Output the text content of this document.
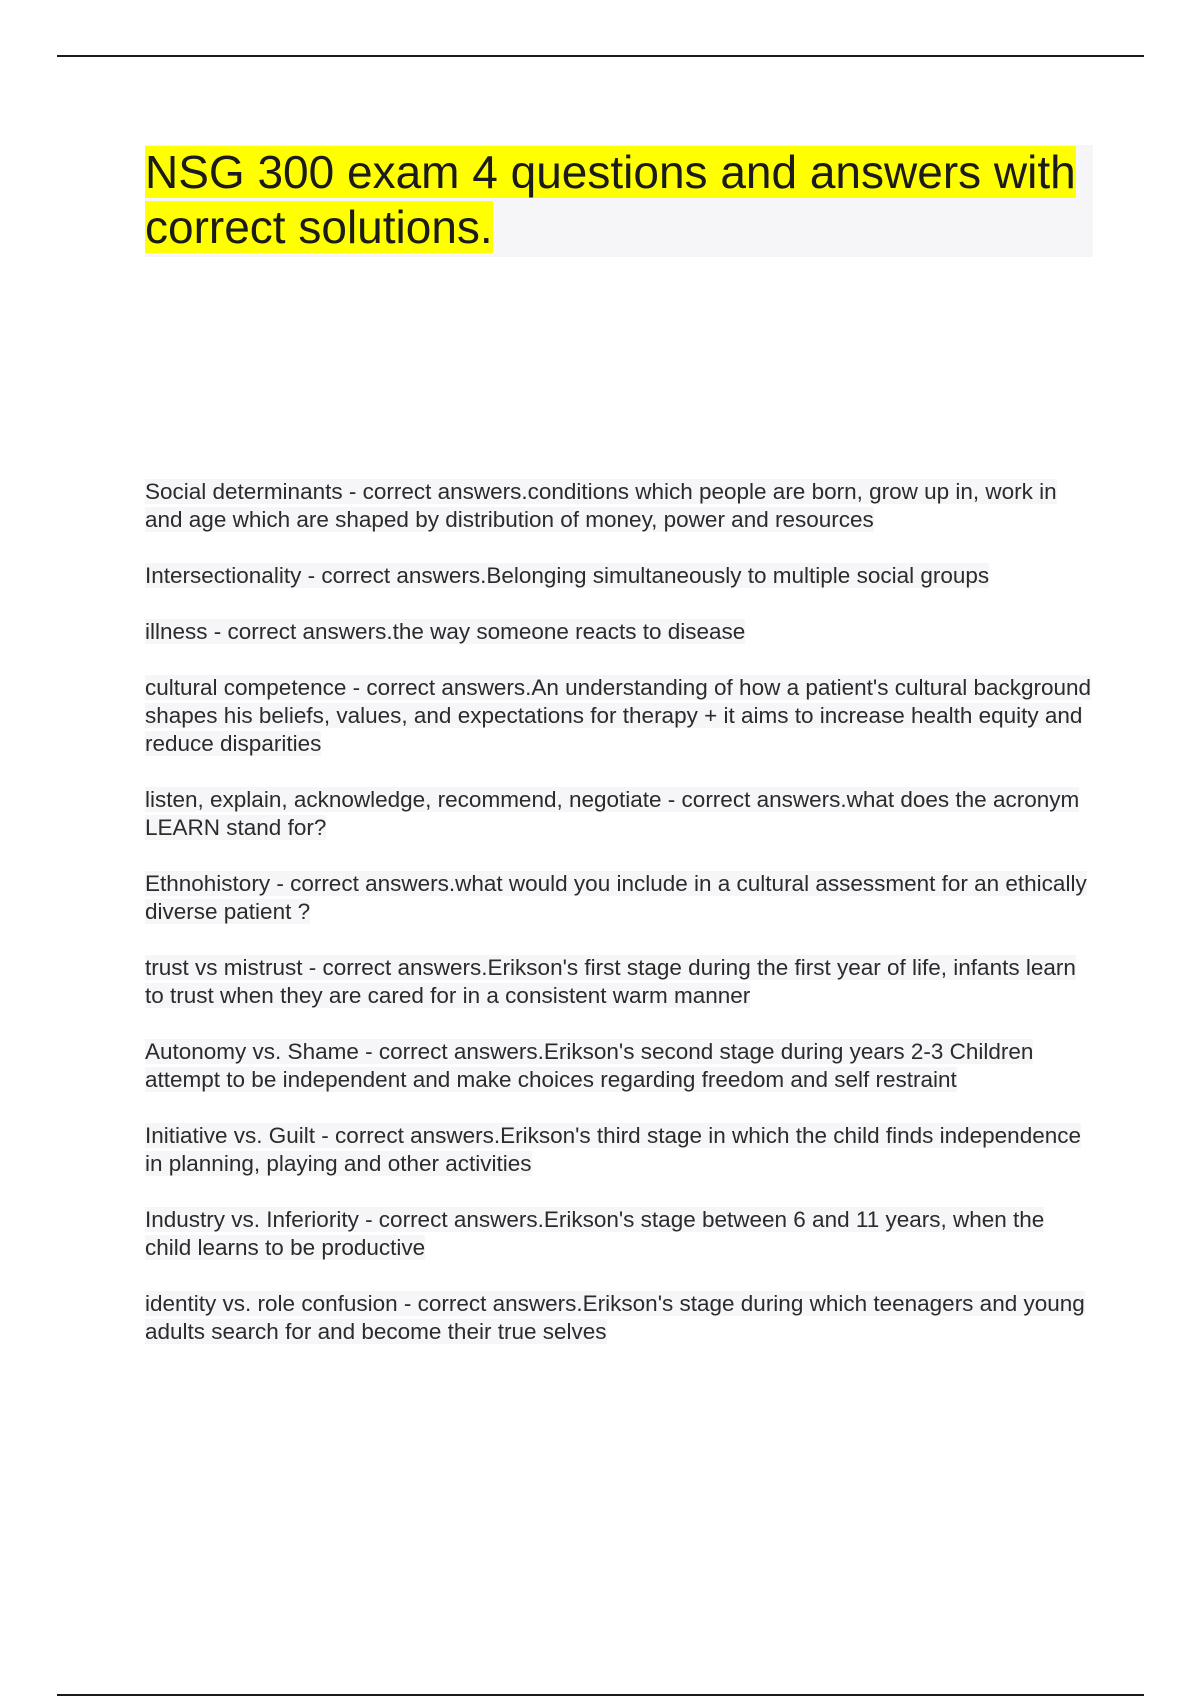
NSG 300 exam 4 questions and answers with correct solutions.
Social determinants - correct answers.conditions which people are born, grow up in, work in and age which are shaped by distribution of money, power and resources
Intersectionality - correct answers.Belonging simultaneously to multiple social groups
illness - correct answers.the way someone reacts to disease
cultural competence - correct answers.An understanding of how a patient's cultural background shapes his beliefs, values, and expectations for therapy + it aims to increase health equity and reduce disparities
listen, explain, acknowledge, recommend, negotiate - correct answers.what does the acronym LEARN stand for?
Ethnohistory - correct answers.what would you include in a cultural assessment for an ethically diverse patient ?
trust vs mistrust - correct answers.Erikson's first stage during the first year of life, infants learn to trust when they are cared for in a consistent warm manner
Autonomy vs. Shame - correct answers.Erikson's second stage during years 2-3 Children attempt to be independent and make choices regarding freedom and self restraint
Initiative vs. Guilt - correct answers.Erikson's third stage in which the child finds independence in planning, playing and other activities
Industry vs. Inferiority - correct answers.Erikson's stage between 6 and 11 years, when the child learns to be productive
identity vs. role confusion - correct answers.Erikson's stage during which teenagers and young adults search for and become their true selves
